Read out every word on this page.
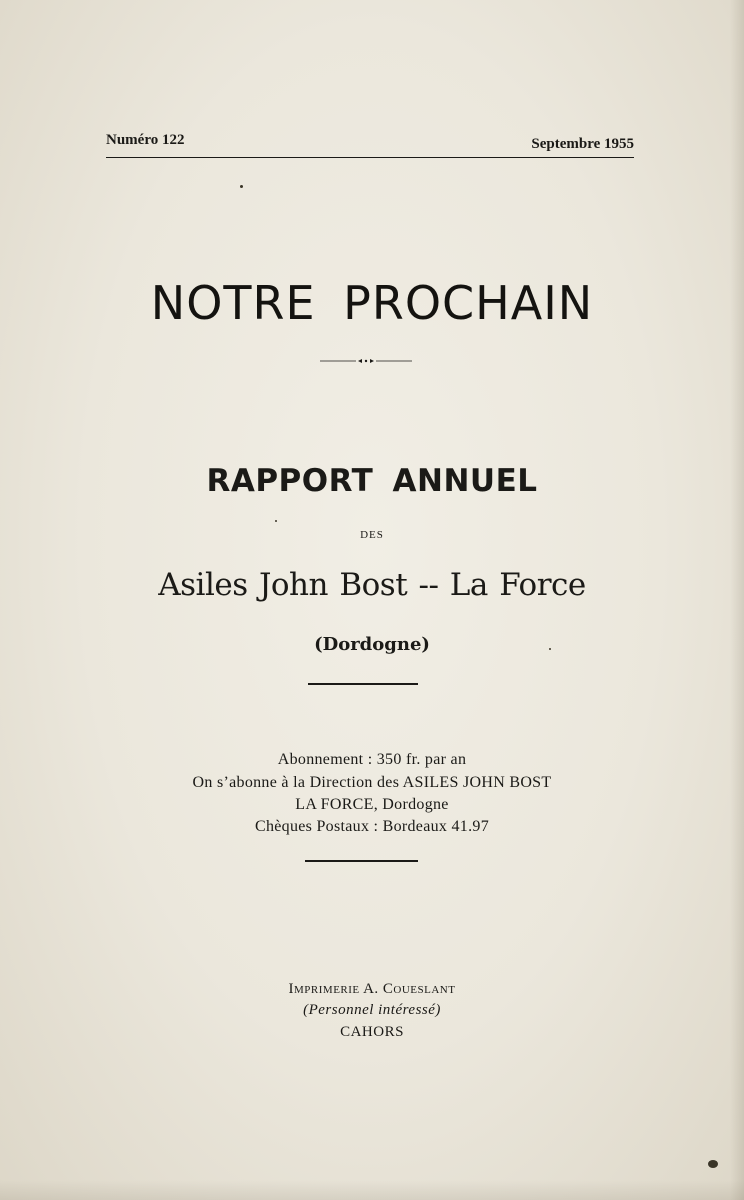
Numéro 122	Septembre 1955
NOTRE PROCHAIN
RAPPORT ANNUEL
DES
Asiles John Bost -- La Force
(Dordogne)
Abonnement : 350 fr. par an
On s’abonne à la Direction des ASILES JOHN BOST
LA FORCE, Dordogne
Chèques Postaux : Bordeaux 41.97
Imprimerie A. Coueslant
(Personnel intéressé)
CAHORS
